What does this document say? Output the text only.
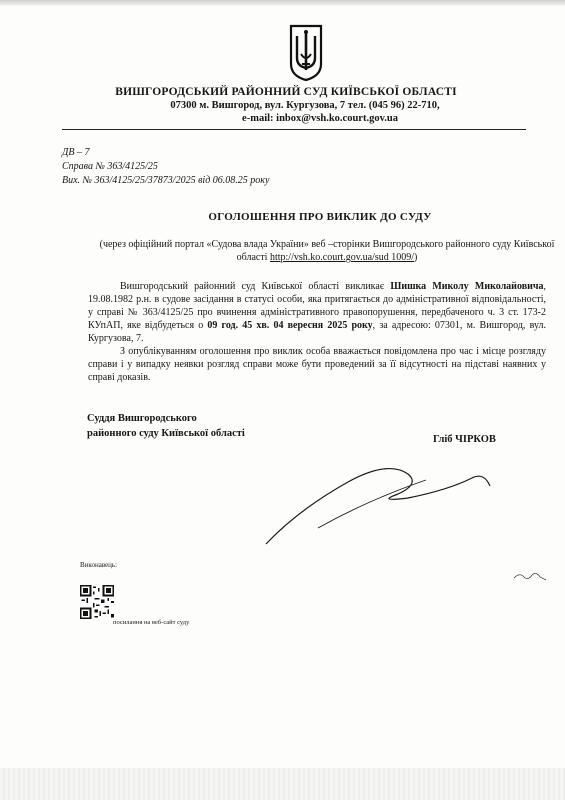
ВИШГОРОДСЬКИЙ РАЙОННИЙ СУД КИЇВСЬКОЇ ОБЛАСТІ
07300 м. Вишгород, вул. Кургузова, 7 тел. (045 96) 22-710,
e-mail: inbox@vsh.ko.court.gov.ua
ДВ – 7
Справа № 363/4125/25
Вих. № 363/4125/25/37873/2025 від 06.08.25 року
ОГОЛОШЕННЯ ПРО ВИКЛИК ДО СУДУ
(через офіційний портал «Судова влада України» веб –сторінки Вишгородського районного суду Київської області http://vsh.ko.court.gov.ua/sud 1009/)

Вишгородський районний суд Київської області викликає Шишка Миколу Миколайовича, 19.08.1982 р.н. в судове засідання в статусі особи, яка притягається до адміністративної відповідальності, у справі № 363/4125/25 про вчинення адміністративного правопорушення, передбаченого ч. 3 ст. 173-2 КУпАП, яке відбудеться о 09 год. 45 хв. 04 вересня 2025 року, за адресою: 07301, м. Вишгород, вул. Кургузова, 7.

З опублікуванням оголошення про виклик особа вважається повідомлена про час і місце розгляду справи і у випадку неявки розгляд справи може бути проведений за її відсутності на підставі наявних у справі доказів.

Суддя Вишгородського
районного суду Київської області
Гліб ЧІРКОВ
Виконавець:
посилання на веб-сайт суду
